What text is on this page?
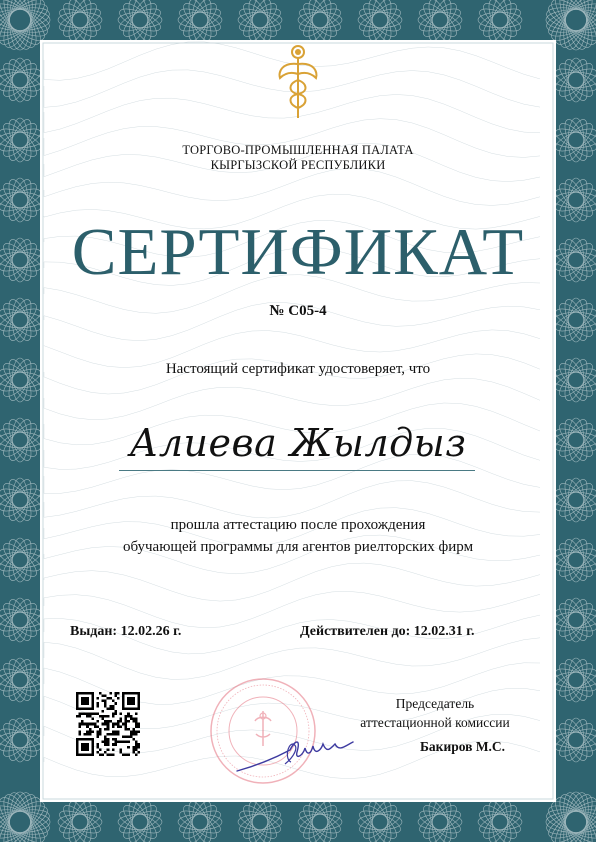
ТОРГОВО-ПРОМЫШЛЕННАЯ ПАЛАТА
КЫРГЫЗСКОЙ РЕСПУБЛИКИ
СЕРТИФИКАТ
№ С05-4
Настоящий сертификат удостоверяет, что
Алиева Жылдыз
прошла аттестацию после прохождения
обучающей программы для агентов риелторских фирм
Выдан: 12.02.26 г.	Действителен до: 12.02.31 г.
Председатель
аттестационной комиссии
Бакиров М.С.
